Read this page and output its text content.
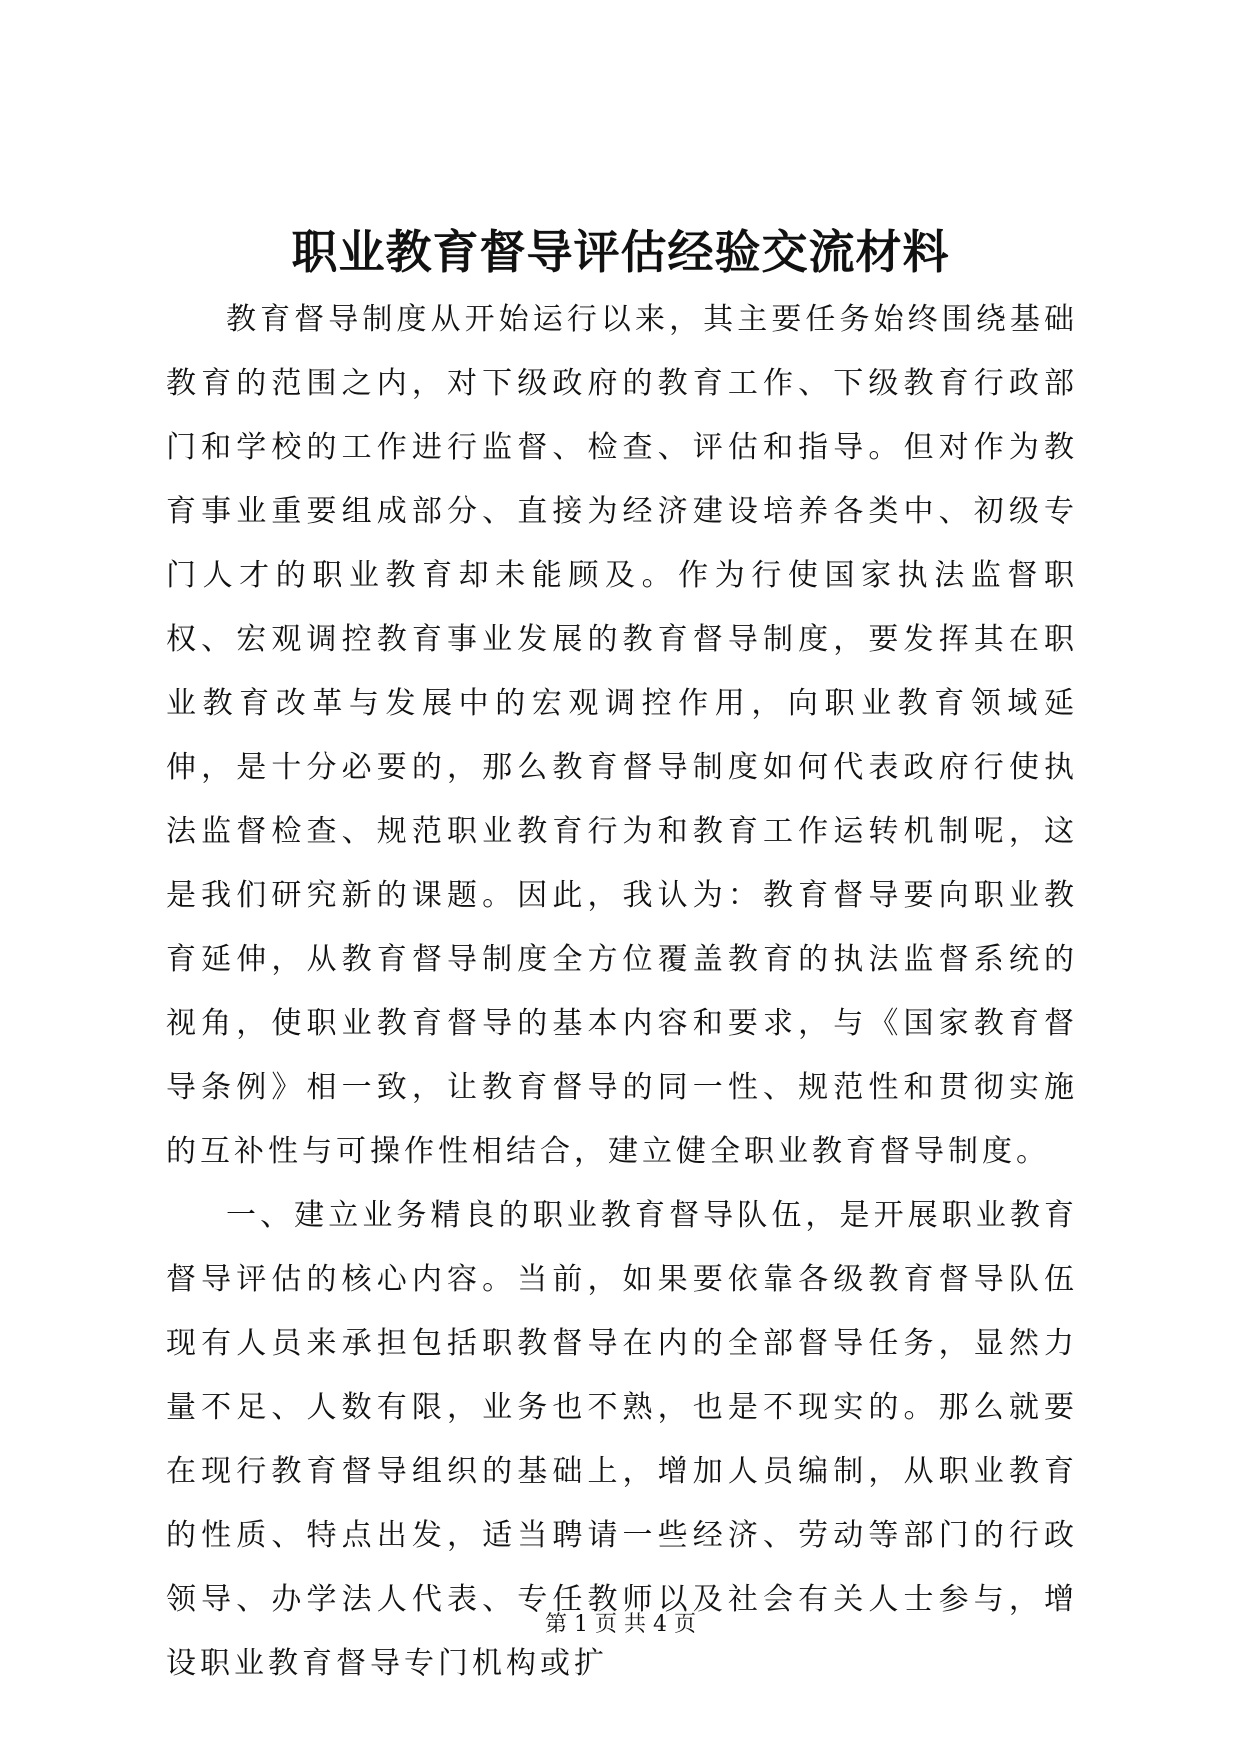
职业教育督导评估经验交流材料

教育督导制度从开始运行以来，其主要任务始终围绕基础教育的范围之内，对下级政府的教育工作、下级教育行政部门和学校的工作进行监督、检查、评估和指导。但对作为教育事业重要组成部分、直接为经济建设培养各类中、初级专门人才的职业教育却未能顾及。作为行使国家执法监督职权、宏观调控教育事业发展的教育督导制度，要发挥其在职业教育改革与发展中的宏观调控作用，向职业教育领域延伸，是十分必要的，那么教育督导制度如何代表政府行使执法监督检查、规范职业教育行为和教育工作运转机制呢，这是我们研究新的课题。因此，我认为：教育督导要向职业教育延伸，从教育督导制度全方位覆盖教育的执法监督系统的视角，使职业教育督导的基本内容和要求，与《国家教育督导条例》相一致，让教育督导的同一性、规范性和贯彻实施的互补性与可操作性相结合，建立健全职业教育督导制度。

一、建立业务精良的职业教育督导队伍，是开展职业教育督导评估的核心内容。当前，如果要依靠各级教育督导队伍现有人员来承担包括职教督导在内的全部督导任务，显然力量不足、人数有限，业务也不熟，也是不现实的。那么就要在现行教育督导组织的基础上，增加人员编制，从职业教育的性质、特点出发，适当聘请一些经济、劳动等部门的行政领导、办学法人代表、专任教师以及社会有关人士参与，增设职业教育督导专门机构或扩

第 1 页 共 4 页
